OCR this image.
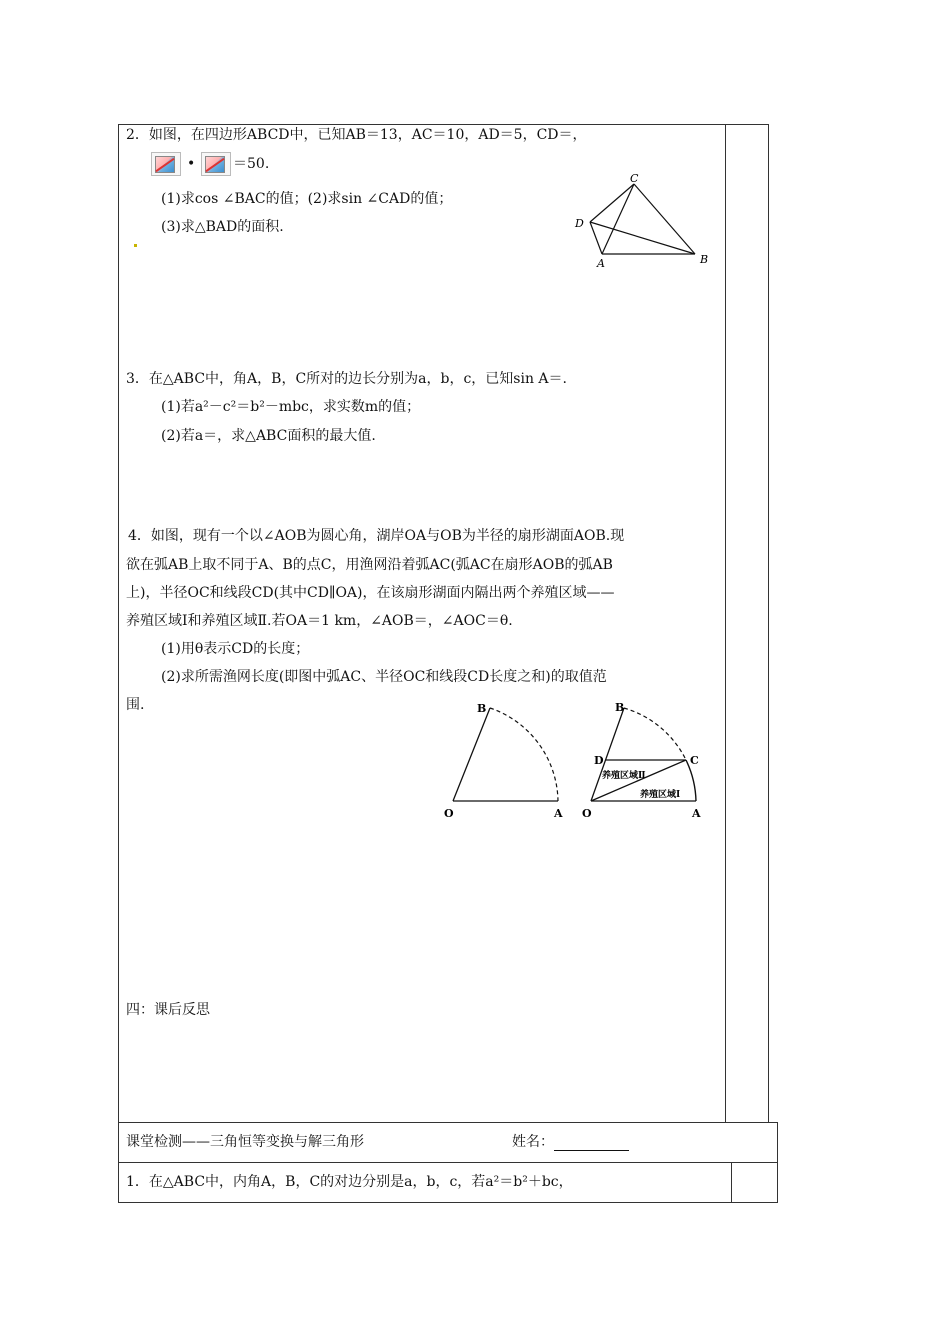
2．如图，在四边形ABCD中，已知AB＝13，AC＝10，AD＝5，CD＝，
•	＝50.
(1)求cos ∠BAC的值；(2)求sin ∠CAD的值；
(3)求△BAD的面积.
C
D
A	B
3．在△ABC中，角A，B，C所对的边长分别为a，b，c，已知sin A＝.
(1)若a²－c²＝b²－mbc，求实数m的值；
(2)若a＝，求△ABC面积的最大值.
4．如图，现有一个以∠AOB为圆心角，湖岸OA与OB为半径的扇形湖面AOB.现
欲在弧AB上取不同于A、B的点C，用渔网沿着弧AC(弧AC在扇形AOB的弧AB
上)，半径OC和线段CD(其中CD∥OA)，在该扇形湖面内隔出两个养殖区域——
养殖区域Ⅰ和养殖区域Ⅱ.若OA＝1 km，∠AOB＝，∠AOC＝θ.
(1)用θ表示CD的长度；
(2)求所需渔网长度(即图中弧AC、半径OC和线段CD长度之和)的取值范
围.	B
O	A
B
D	C
O	A
养殖区域Ⅱ
养殖区域Ⅰ
四：课后反思
课堂检测——三角恒等变换与解三角形	姓名：
1．在△ABC中，内角A，B，C的对边分别是a，b，c，若a²＝b²＋bc，
